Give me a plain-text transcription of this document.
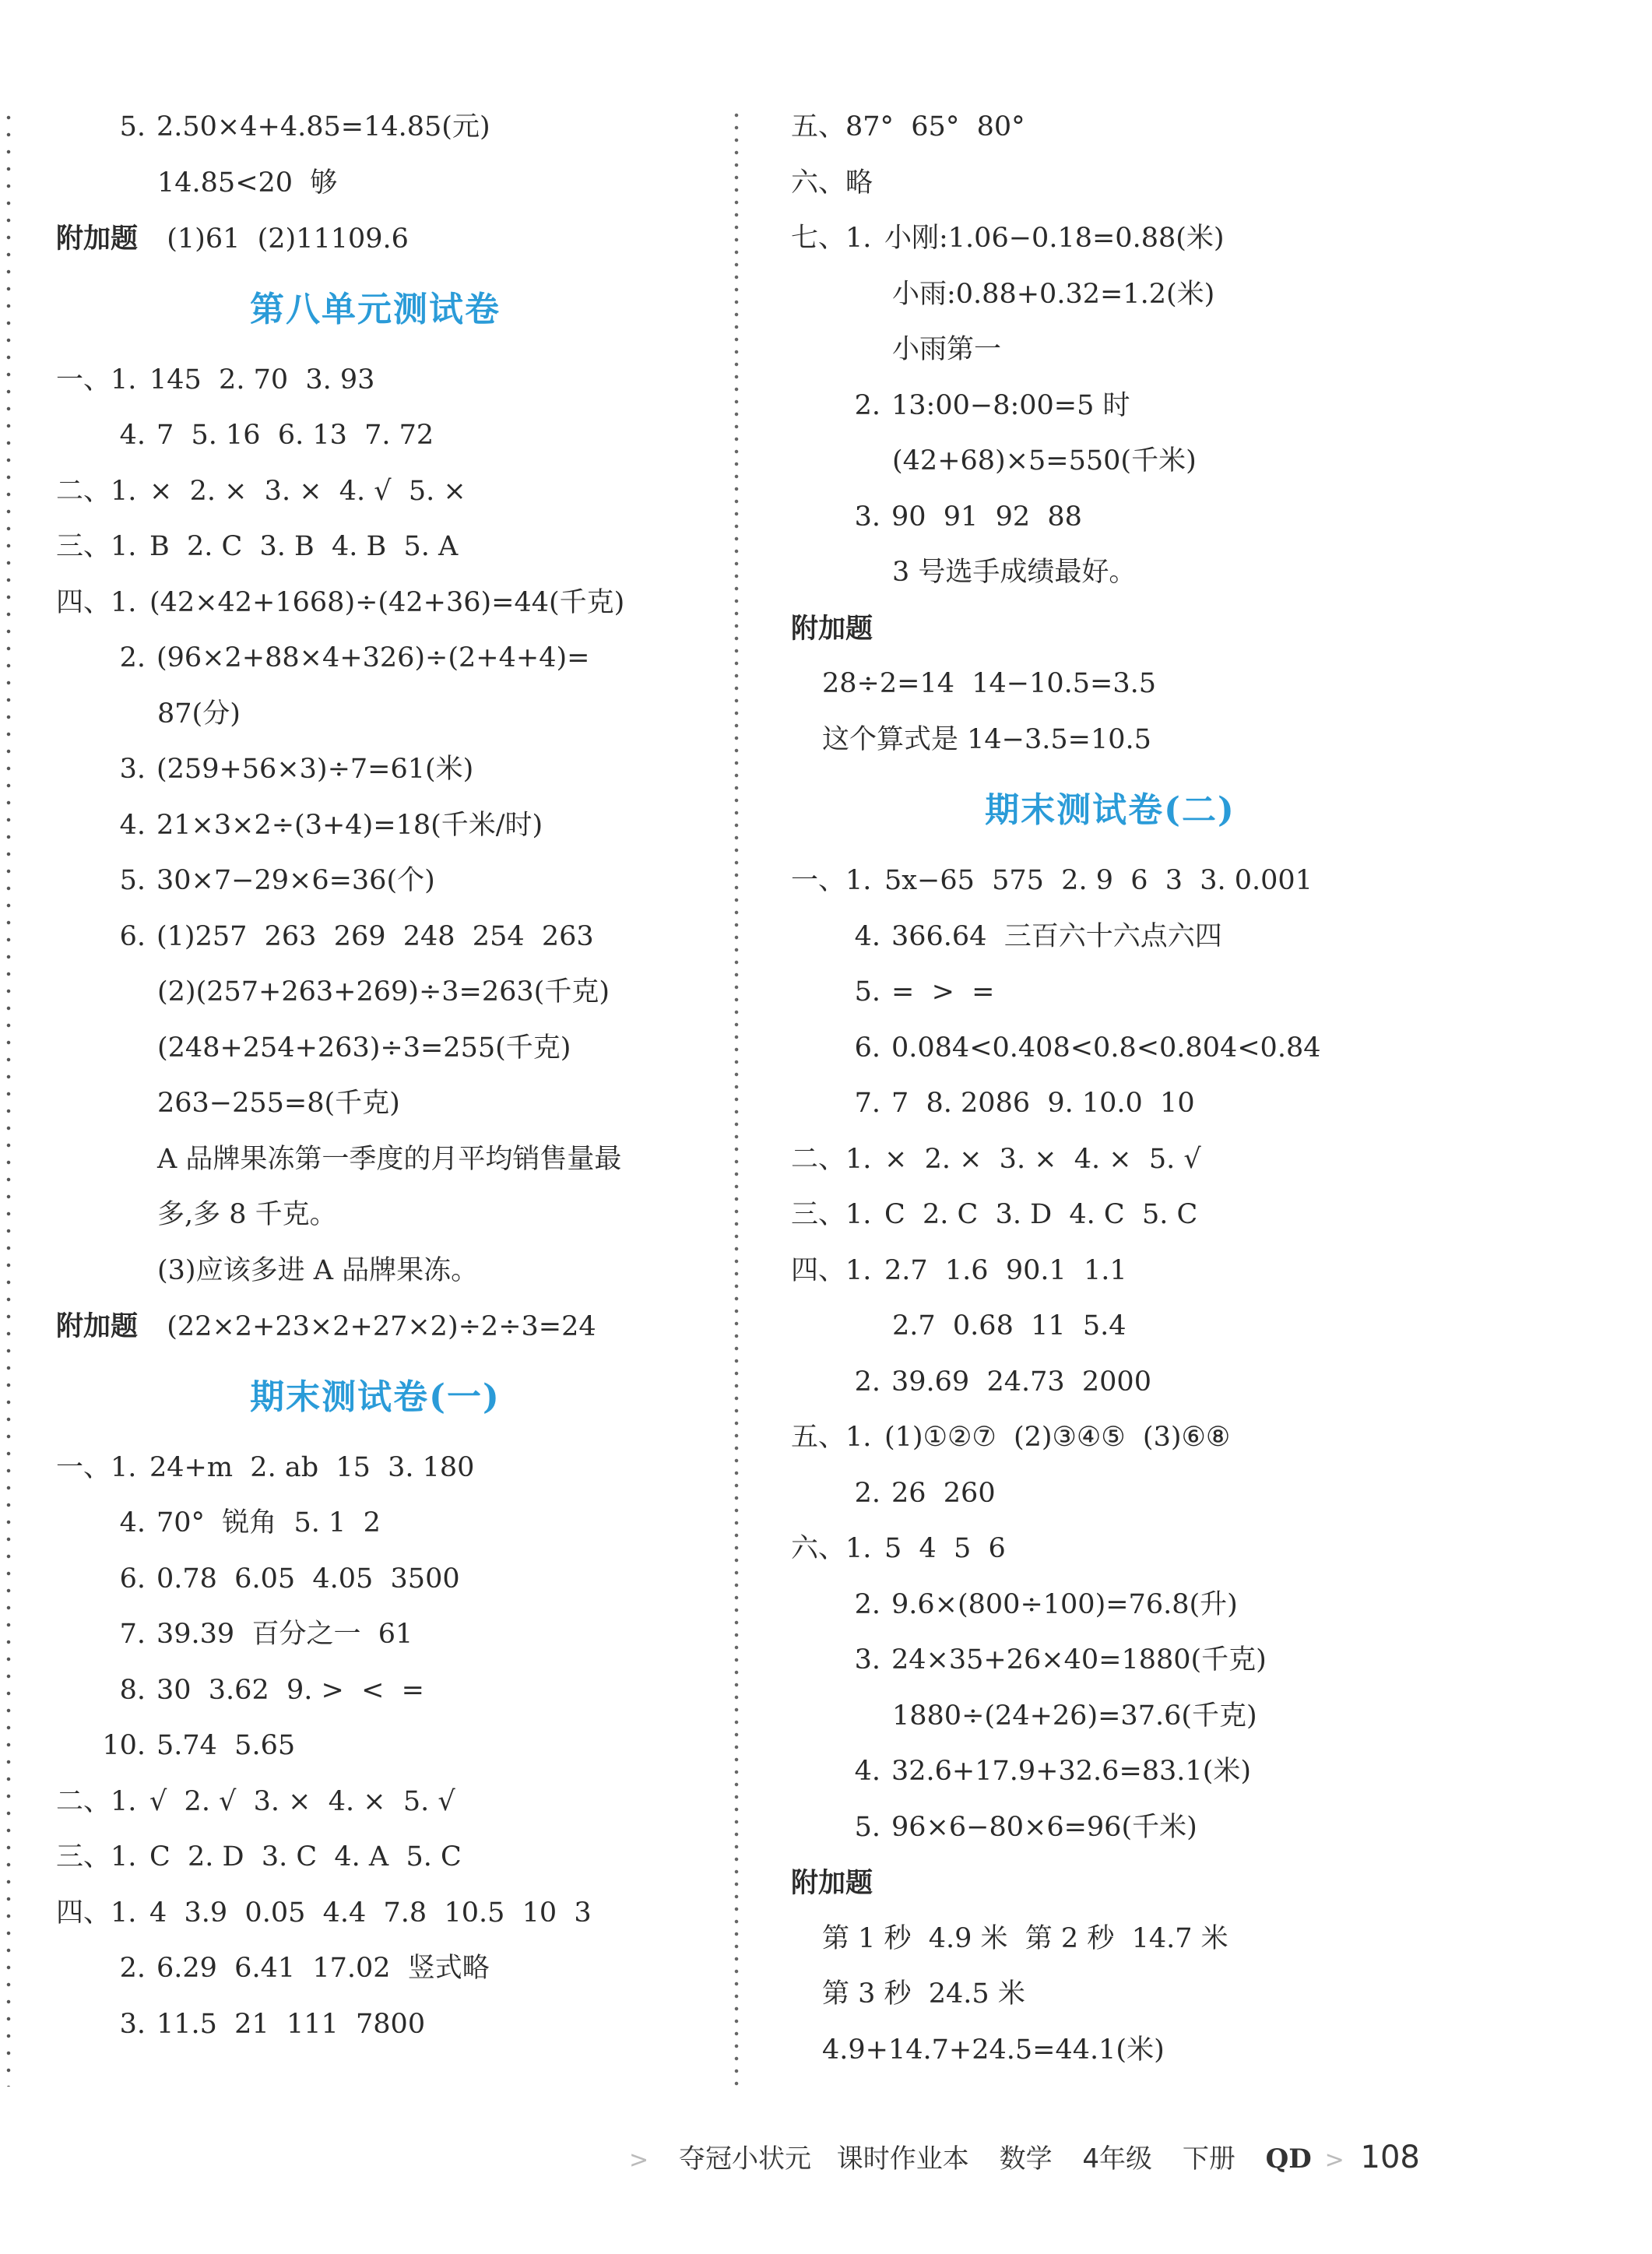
5. 2.50×4+4.85=14.85(元)
14.85<20  够
附加题  (1)61  (2)11109.6
第八单元测试卷
一、1. 145  2. 70  3. 93
4. 7  5. 16  6. 13  7. 72
二、1. ×  2. ×  3. ×  4. √  5. ×
三、1. B  2. C  3. B  4. B  5. A
四、1. (42×42+1668)÷(42+36)=44(千克)
2. (96×2+88×4+326)÷(2+4+4)=
87(分)
3. (259+56×3)÷7=61(米)
4. 21×3×2÷(3+4)=18(千米/时)
5. 30×7−29×6=36(个)
6. (1)257  263  269  248  254  263
(2)(257+263+269)÷3=263(千克)
(248+254+263)÷3=255(千克)
263−255=8(千克)
A 品牌果冻第一季度的月平均销售量最
多,多 8 千克。
(3)应该多进 A 品牌果冻。
附加题  (22×2+23×2+27×2)÷2÷3=24
期末测试卷(一)
一、1. 24+m  2. ab  15  3. 180
4. 70°  锐角  5. 1  2
6. 0.78  6.05  4.05  3500
7. 39.39  百分之一  61
8. 30  3.62  9. >  <  =
10. 5.74  5.65
二、1. √  2. √  3. ×  4. ×  5. √
三、1. C  2. D  3. C  4. A  5. C
四、1. 4  3.9  0.05  4.4  7.8  10.5  10  3
2. 6.29  6.41  17.02  竖式略
3. 11.5  21  111  7800
五、87°  65°  80°
六、略
七、1. 小刚:1.06−0.18=0.88(米)
小雨:0.88+0.32=1.2(米)
小雨第一
2. 13:00−8:00=5 时
(42+68)×5=550(千米)
3. 90  91  92  88
3 号选手成绩最好。
附加题
28÷2=14  14−10.5=3.5
这个算式是 14−3.5=10.5
期末测试卷(二)
一、1. 5x−65  575  2. 9  6  3  3. 0.001
4. 366.64  三百六十六点六四
5. =  >  =
6. 0.084<0.408<0.8<0.804<0.84
7. 7  8. 2086  9. 10.0  10
二、1. ×  2. ×  3. ×  4. ×  5. √
三、1. C  2. C  3. D  4. C  5. C
四、1. 2.7  1.6  90.1  1.1
2.7  0.68  11  5.4
2. 39.69  24.73  2000
五、1. (1)①②⑦  (2)③④⑤  (3)⑥⑧
2. 26  260
六、1. 5  4  5  6
2. 9.6×(800÷100)=76.8(升)
3. 24×35+26×40=1880(千克)
1880÷(24+26)=37.6(千克)
4. 32.6+17.9+32.6=83.1(米)
5. 96×6−80×6=96(千米)
附加题
第 1 秒  4.9 米  第 2 秒  14.7 米
第 3 秒  24.5 米
4.9+14.7+24.5=44.1(米)
> 夺冠小状元 课时作业本 数学 4年级 下册 QD > 108
